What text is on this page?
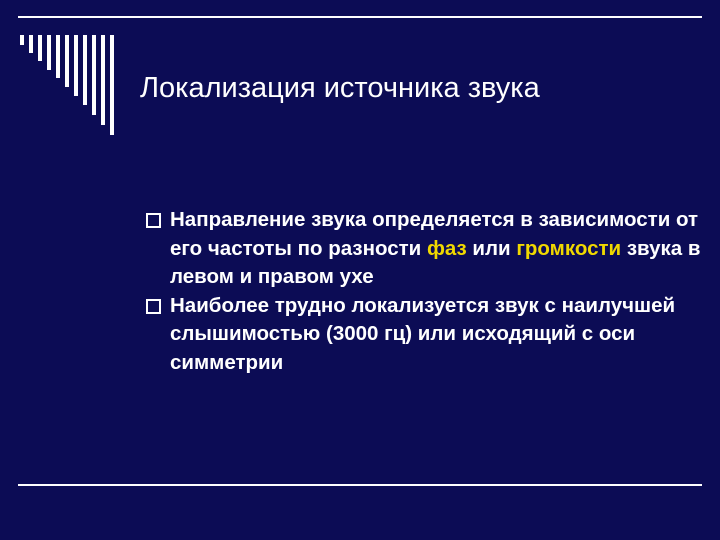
Локализация источника звука
Направление звука определяется в зависимости от его частоты по разности фаз или громкости звука в левом и правом ухе
Наиболее трудно локализуется звук с наилучшей слышимостью (3000 гц) или исходящий с оси симметрии
